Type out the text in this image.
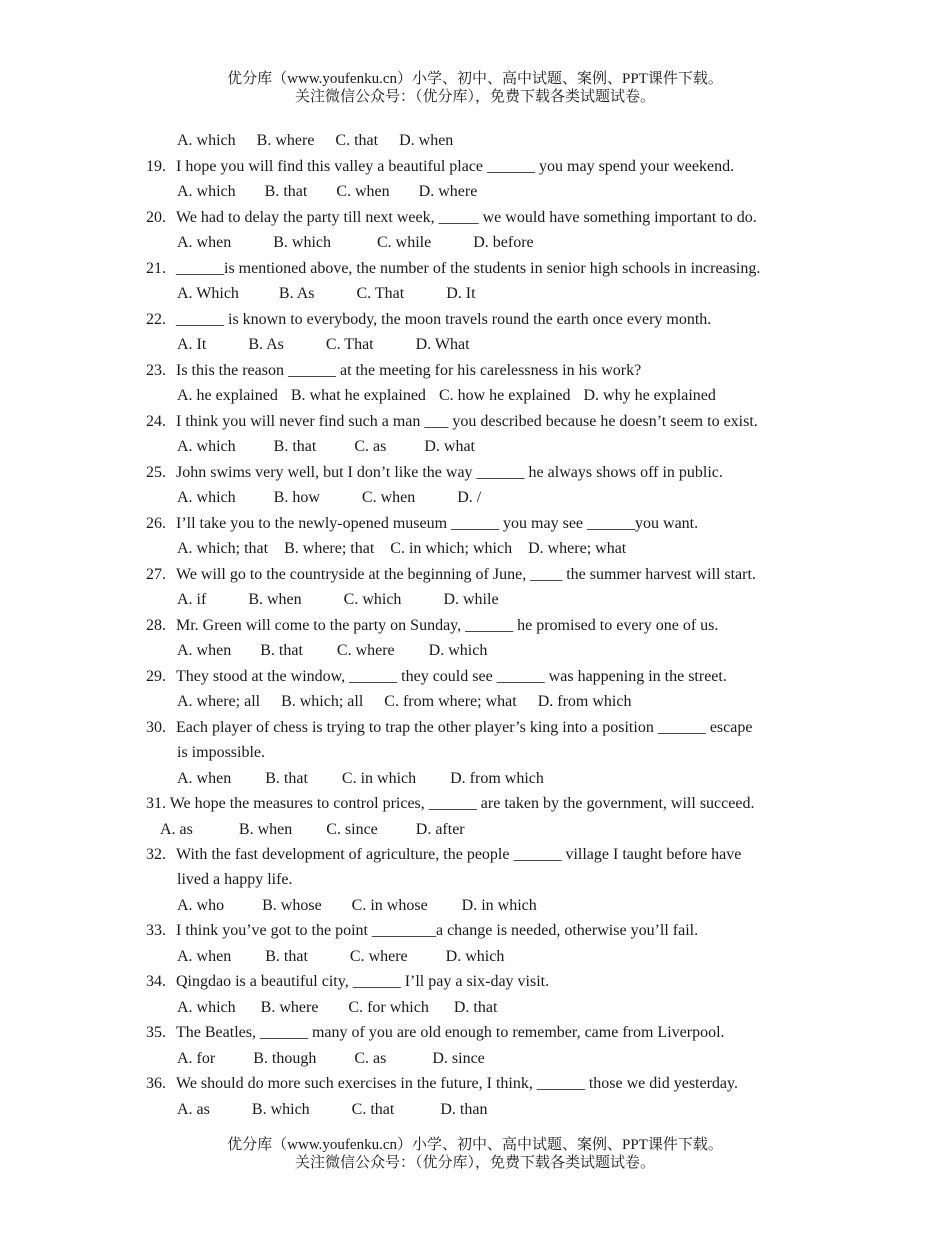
优分库（www.youfenku.cn）小学、初中、高中试题、案例、PPT课件下载。
关注微信公众号：（优分库），免费下载各类试题试卷。
A. which B. where C. that D. when
19. I hope you will find this valley a beautiful place ______ you may spend your weekend.
A. which B. that C. when D. where
20. We had to delay the party till next week, _____ we would have something important to do.
A. when	B. which	C. while	D. before
21. ______is mentioned above, the number of the students in senior high schools in increasing.
A. Which	B. As	C. That	D. It
22. ______ is known to everybody, the moon travels round the earth once every month.
A. It	B. As	C. That	D. What
23. Is this the reason ______ at the meeting for his carelessness in his work?
A. he explained B. what he explained C. how he explained D. why he explained
24. I think you will never find such a man ___ you described because he doesn’t seem to exist.
A. which B. that C. as D. what
25. John swims very well, but I don’t like the way ______ he always shows off in public.
A. which B. how	C. when	D. /
26. I’ll take you to the newly-opened museum ______ you may see ______you want.
A. which; that B. where; that C. in which; which D. where; what
27. We will go to the countryside at the beginning of June, ____ the summer harvest will start.
A. if	B. when	C. which	D. while
28. Mr. Green will come to the party on Sunday, ______ he promised to every one of us.
A. when B. that C. where D. which
29. They stood at the window, ______ they could see ______ was happening in the street.
A. where; all B. which; all C. from where; what D. from which
30. Each player of chess is trying to trap the other player’s king into a position ______ escape
is impossible.
A. when B. that C. in which D. from which
31. We hope the measures to control prices, ______ are taken by the government, will succeed.
A. as	B. when C. since D. after
32. With the fast development of agriculture, the people ______ village I taught before have
lived a happy life.
A. who B. whose C. in whose D. in which
33. I think you’ve got to the point ________a change is needed, otherwise you’ll fail.
A. when B. that	C. where D. which
34. Qingdao is a beautiful city, ______ I’ll pay a six-day visit.
A. which B. where C. for which D. that
35. The Beatles, ______ many of you are old enough to remember, came from Liverpool.
A. for B. though C. as	D. since
36. We should do more such exercises in the future, I think, ______ those we did yesterday.
A. as	B. which	C. that	D. than
优分库（www.youfenku.cn）小学、初中、高中试题、案例、PPT课件下载。
关注微信公众号：（优分库），免费下载各类试题试卷。
